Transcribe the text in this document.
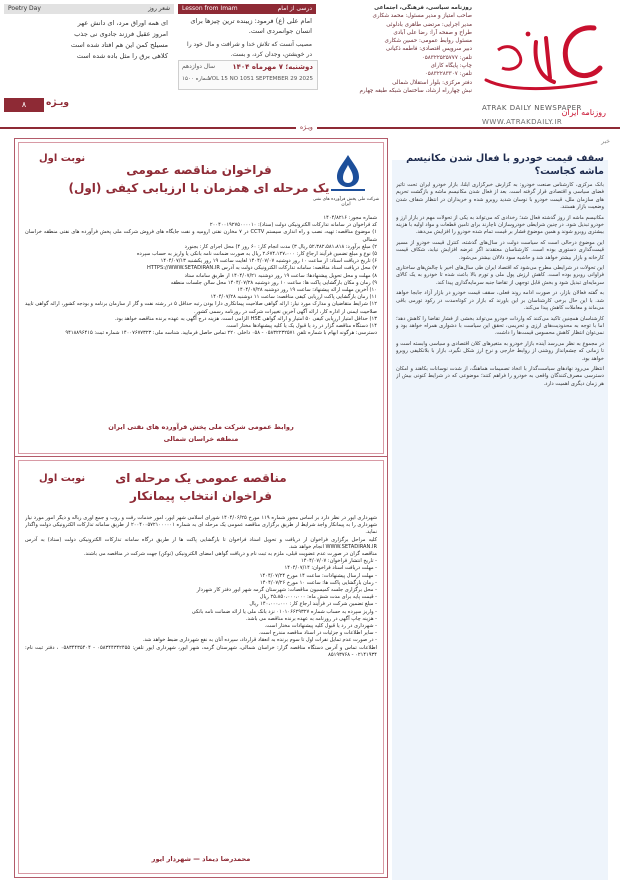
روزنامه ایران
ATRAK DAILY NEWSPAPER
WWW.ATRAKDAILY.IR
روزنامه سیاسی، فرهنگی، اجتماعی
صاحب امتیاز و مدیر مسئول: محمد شکاری
مدیر اجرایی: مرتضی طاهری بادلوئی
طراح و صفحه آرا: رضا علی آبادی
مسئول روابط عمومی: حسین شکاری
دبیر سرویس اقتصادی: فاطمه ذکیانی
تلفن: ۰۵۸۳۲۲۵۲۵۷۷۷
چاپ: پایگاه کارای
تلفن: ۰۵۸۳۲۲۸۳۳۰۷
دفتر مرکزی: بلوار استقلال شمالی
نبش چهارراه ارشاد، ساختمان شبکه طبقه چهارم
Lesson from Imam	درسی از امام
امام علی (ع) فرمود: زیبنده ترین چیزها برای انسان جوانمردی است.
مصیب آنست که تلاش خدا و شرافت و مال خود را در خویشتن، وجدان کرد، و بست.
دوشنبه؛ ۷ مهرماه ۱۴۰۴
VOL 15 NO 1051 SEPTEMBER 29 2025
سال دوازدهم
شماره ۱۵۰۰
Poetry Day	شعر روز
ای همه اوراق مرد، ای دانش عهر
امروز عقیل فرزند جادوی نی جذب
مسیلح کمن این هم افتاد شده است
کلاهی برق را مثل باده شده است
۸	ویـژه
ویـژه
خبر
سقف قیمت خودرو با فعال شدن مکانیسم
ماشه کجاست؟

بانک مرکزی، کارشناس صنعت خودرو: به گزارش خبرگزاری ایلنا، بازار خودرو ایران تحت تاثیر فضای سیاسی و اقتصادی قرار گرفته است. بعد از فعال شدن مکانیسم ماشه و بازگشت تحریم های سازمان ملل، قیمت خودرو با نوسان شدید روبرو شده و خریداران در انتظار شفاف شدن وضعیت بازار هستند.

مکانیسم ماشه از روز گذشته فعال شد؛ رخدادی که می‌تواند به یکی از تحولات مهم در بازار ارز و خودرو تبدیل شود. در چنین شرایطی خودروسازان ناچارند برای تامین قطعات و مواد اولیه با هزینه بیشتری روبرو شوند و همین موضوع فشار بر قیمت تمام شده خودرو را افزایش می‌دهد.

این موضوع درحالی است که سیاست دولت در سال‌های گذشته، کنترل قیمت خودرو از مسیر قیمت‌گذاری دستوری بوده است. کارشناسان معتقدند اگر عرضه افزایش نیابد، شکاف قیمت کارخانه و بازار بیشتر خواهد شد و حاشیه سود دلالان بیشتر می‌شود.

این تحولات در شرایطی مطرح می‌شود که اقتصاد ایران طی سال‌های اخیر با چالش‌های ساختاری فراوانی روبرو بوده است. کاهش ارزش پول ملی و تورم بالا باعث شده تا خودرو به یک کالای سرمایه‌ای تبدیل شود و بخش قابل توجهی از تقاضا جنبه سرمایه‌گذاری پیدا کند.

به گفته فعالان بازار، در صورت ادامه روند فعلی، سقف قیمت خودرو در بازار آزاد جابجا خواهد شد. با این حال برخی کارشناسان بر این باورند که بازار در کوتاه‌مدت در رکود تورمی باقی می‌ماند و معاملات کاهش پیدا می‌کند.

کارشناسان همچنین تاکید می‌کنند که واردات خودرو می‌تواند بخشی از فشار تقاضا را کاهش دهد؛ اما با توجه به محدودیت‌های ارزی و تحریمی، تحقق این سیاست با دشواری همراه خواهد بود و نمی‌توان انتظار کاهش محسوس قیمت‌ها را داشت.

در مجموع به نظر می‌رسد آینده بازار خودرو به متغیرهای کلان اقتصادی و سیاسی وابسته است و تا زمانی که چشم‌انداز روشنی از روابط خارجی و نرخ ارز شکل نگیرد، بازار با بلاتکلیفی روبرو خواهد بود.

انتظار می‌رود نهادهای سیاست‌گذار با اتخاذ تصمیمات هماهنگ، از شدت نوسانات بکاهند و امکان دسترسی مصرف‌کنندگان واقعی به خودرو را فراهم کنند؛ موضوعی که در شرایط کنونی بیش از هر زمان دیگری اهمیت دارد.

نوبت اول
شرکت ملی پخش فرآورده های نفتی ایران
فراخوان مناقصه عمومی
یک مرحله ای همزمان با ارزیابی کیفی (اول)

شماره مجوز: ۱۴۰۴/۸۲۱۶

کد فراخوان در سامانه تدارکات الکترونیکی دولت (ستاد): ۲۰۰۴۰۰۱۹۲۷۵۰۰۰۰۱۰

۱) موضوع مناقصه: تهیه، نصب و راه اندازی سیستم CCTV در ۷ مخازن نفتی ارومیه و نفت جایگاه های فروش شرکت ملی پخش فرآورده های نفتی منطقه خراسان شمالی

۲) مبلغ برآورد: ۵۲،۳۸۲،۵۸۱،۸۱۸ ریال ۳) مدت انجام کار: ۶۰ روز ۴) محل اجرای کار: بجنورد

۵) نوع و مبلغ تضمین فرآیند ارجاع کار: ۲،۶۷۴،۱۲۷،۰۰۰ ریال به صورت ضمانت نامه بانکی یا واریز به حساب سپرده

۶) تاریخ دریافت اسناد: از ساعت ۱۰ روز دوشنبه ۱۴۰۴/۰۷/۰۷ لغایت ساعت ۱۹ روز یکشنبه ۱۴۰۴/۰۷/۱۳

۷) محل دریافت اسناد مناقصه: سامانه تدارکات الکترونیکی دولت به آدرس HTTPS://WWW.SETADIRAN.IR

۸) مهلت و محل تحویل پیشنهادها: ساعت ۱۹ روز دوشنبه ۱۴۰۴/۰۷/۲۱ از طریق سامانه ستاد

۹) زمان و مکان بازگشایی پاکت ها: ساعت ۱۰ روز دوشنبه ۱۴۰۴/۰۷/۲۸ محل سالن جلسات منطقه

۱۰) آخرین مهلت ارائه پیشنهاد: ساعت ۱۹ روز دوشنبه ۱۴۰۴/۰۷/۲۸

۱۱) زمان بازگشایی پاکت ارزیابی کیفی مناقصه: ساعت ۱۱ دوشنبه ۱۴۰۴/۰۷/۲۸

۱۲) شرایط متقاضیان و مدارک مورد نیاز: ارائه گواهی صلاحیت پیمانکاری دارا بودن رتبه حداقل ۵ در رشته نفت و گاز از سازمان برنامه و بودجه کشور، ارائه گواهی تایید صلاحیت ایمنی از اداره کار، ارائه آگهی آخرین تغییرات شرکت در روزنامه رسمی کشور.

۱۳) حداقل امتیاز ارزیابی کیفی ۵۰ امتیاز و ارائه گواهی HSE الزامی است. هزینه درج آگهی به عهده برنده مناقصه خواهد بود.

۱۴) دستگاه مناقصه گزار در رد یا قبول یک یا کلیه پیشنهادها مختار است.

دسترسی: هرگونه ابهام با شماره تلفن ۰۵۸۳۲۲۳۲۵۷۱ - ۰۵۸ داخلی ۲۲۰ تماس حاصل فرمایید. شناسه ملی: ۱۴۰۰۷۶۷۷۳۲۳ شماره ثبت: ۹۴۱۸۸۹۶۴۱۵

روابط عمومی شرکت ملی پخش فرآورده های نفتی ایران
منطقه خراسان شمالی
نوبت اول	مناقصه عمومی یک مرحله ای
فراخوان انتخاب پیمانکار

شهرداری ایور در نظر دارد بر اساس مجوز شماره ۱۱۹ مورخ ۱۴۰۴/۰۶/۲۵ شورای اسلامی شهر ایور، امور خدمات رفت و روب و جمع آوری زباله و دیگر امور مورد نیاز شهرداری را به پیمانکار واجد شرایط از طریق برگزاری مناقصه عمومی یک مرحله ای به شماره ۲۰۰۴۰۰۵۷۲۱۰۰۰۰۰۱ از طریق سامانه تدارکات الکترونیکی دولت واگذار نماید.

کلیه مراحل برگزاری فراخوان از دریافت و تحویل اسناد فراخوان تا بازگشایی پاکت ها از طریق درگاه سامانه تدارکات الکترونیکی دولت (ستاد) به آدرس WWW.SETADIRAN.IR انجام خواهد شد.

مناقصه گران در صورت عدم عضویت قبلی، ملزم به ثبت نام و دریافت گواهی امضای الکترونیکی (توکن) جهت شرکت در مناقصه می باشند.

- تاریخ انتشار فراخوان: ۱۴۰۴/۰۷/۰۷

- مهلت دریافت اسناد فراخوان: ۱۴۰۴/۰۷/۱۴

- مهلت ارسال پیشنهادات: ساعت ۱۴ مورخ ۱۴۰۴/۰۷/۲۴

- زمان بازگشایی پاکت ها: ساعت ۱۰ مورخ ۱۴۰۴/۰۷/۲۶

- محل برگزاری جلسه کمیسیون مناقصات: شهرستان گرمه شهر ایور دفتر کار شهردار

- قیمت پایه برای مدت شش ماه: ۲۵،۸۵۰،۰۰۰،۰۰۰ ریال

- مبلغ تضمین شرکت در فرآیند ارجاع کار: ۱۴۰،۰۰۰،۰۰۰ ریال

- واریز سپرده به حساب شماره ۰۱۰۱۰۶۶۲۹۳۲۷ نزد بانک ملی یا ارائه ضمانت نامه بانکی

- هزینه چاپ آگهی در روزنامه به عهده برنده مناقصه می باشد.

- شهرداری در رد یا قبول کلیه پیشنهادات مختار است.

- سایر اطلاعات و جزئیات در اسناد مناقصه مندرج است.

- در صورت عدم تمایل نفرات اول تا سوم برنده به انعقاد قرارداد، سپرده آنان به نفع شهرداری ضبط خواهد شد.

اطلاعات تماس و آدرس دستگاه مناقصه گزار: خراسان شمالی، شهرستان گرمه، شهر ایور، شهرداری ایور تلفن: ۰۵۸۳۴۴۳۴۲۴۵۵ - ۰۵۸۳۴۴۳۵۴۰۴ ، دفتر ثبت نام: ۰۲۱۴۱۹۳۴ - ۸۵۱۹۳۷۶۸

محمدرضا دیماد — شهردار ایور
